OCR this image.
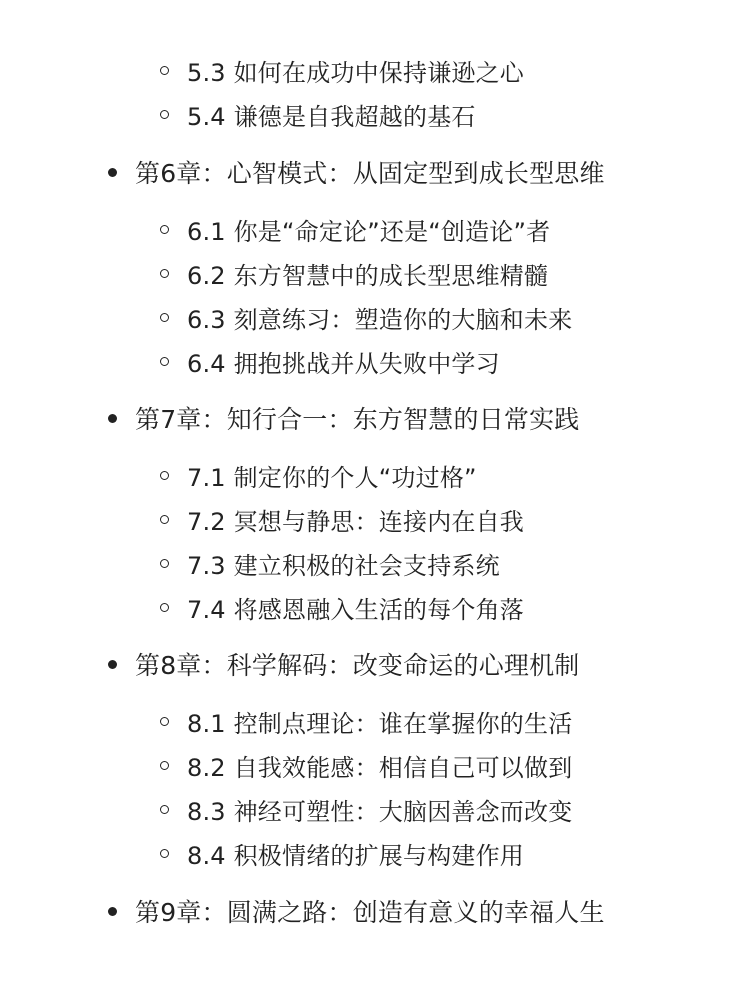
5.3 如何在成功中保持谦逊之心
5.4 谦德是自我超越的基石
第6章：心智模式：从固定型到成长型思维
6.1 你是“命定论”还是“创造论”者
6.2 东方智慧中的成长型思维精髓
6.3 刻意练习：塑造你的大脑和未来
6.4 拥抱挑战并从失败中学习
第7章：知行合一：东方智慧的日常实践
7.1 制定你的个人“功过格”
7.2 冥想与静思：连接内在自我
7.3 建立积极的社会支持系统
7.4 将感恩融入生活的每个角落
第8章：科学解码：改变命运的心理机制
8.1 控制点理论：谁在掌握你的生活
8.2 自我效能感：相信自己可以做到
8.3 神经可塑性：大脑因善念而改变
8.4 积极情绪的扩展与构建作用
第9章：圆满之路：创造有意义的幸福人生
